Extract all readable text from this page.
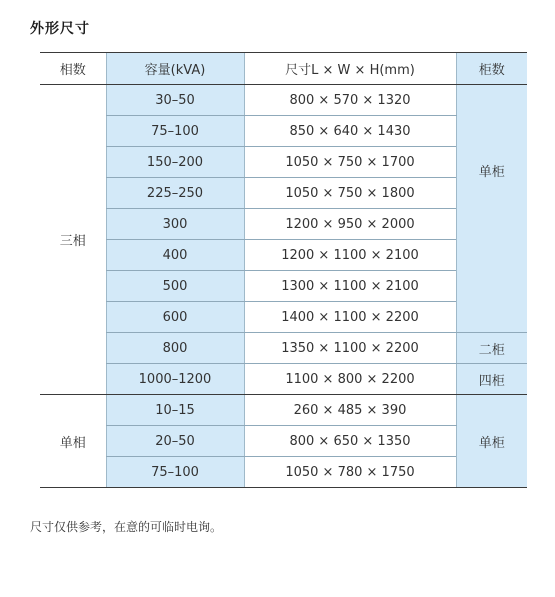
外形尺寸
相数	容量(kVA)	尺寸L × W × H(mm)	柜数
三相	30–50	800 × 570 × 1320	单柜

	75–100	850 × 640 × 1430	
	150–200	1050 × 750 × 1700	
	225–250	1050 × 750 × 1800	
	300	1200 × 950 × 2000	
	400	1200 × 1100 × 2100	
	500	1300 × 1100 × 2100	
	600	1400 × 1100 × 2200	
	800	1350 × 1100 × 2200	二柜
	1000–1200	1100 × 800 × 2200	四柜
单相	10–15	260 × 485 × 390	单柜
	20–50	800 × 650 × 1350	
	75–100	1050 × 780 × 1750	
尺寸仅供参考，在意的可临时电询。
